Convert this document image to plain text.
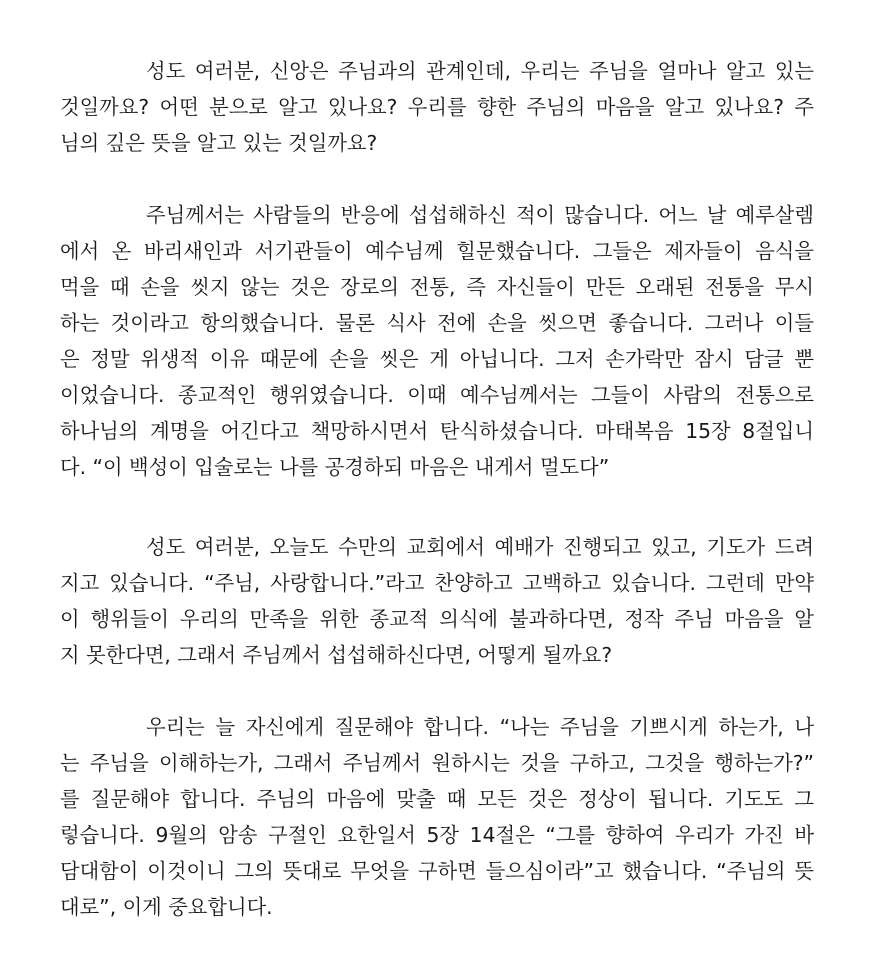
성도 여러분, 신앙은 주님과의 관계인데, 우리는 주님을 얼마나 알고 있는
것일까요? 어떤 분으로 알고 있나요? 우리를 향한 주님의 마음을 알고 있나요? 주
님의 깊은 뜻을 알고 있는 것일까요?
주님께서는 사람들의 반응에 섭섭해하신 적이 많습니다. 어느 날 예루살렘
에서 온 바리새인과 서기관들이 예수님께 힐문했습니다. 그들은 제자들이 음식을
먹을 때 손을 씻지 않는 것은 장로의 전통, 즉 자신들이 만든 오래된 전통을 무시
하는 것이라고 항의했습니다. 물론 식사 전에 손을 씻으면 좋습니다. 그러나 이들
은 정말 위생적 이유 때문에 손을 씻은 게 아닙니다. 그저 손가락만 잠시 담글 뿐
이었습니다. 종교적인 행위였습니다. 이때 예수님께서는 그들이 사람의 전통으로
하나님의 계명을 어긴다고 책망하시면서 탄식하셨습니다. 마태복음 15장 8절입니
다. “이 백성이 입술로는 나를 공경하되 마음은 내게서 멀도다”
성도 여러분, 오늘도 수만의 교회에서 예배가 진행되고 있고, 기도가 드려
지고 있습니다. “주님, 사랑합니다.”라고 찬양하고 고백하고 있습니다. 그런데 만약
이 행위들이 우리의 만족을 위한 종교적 의식에 불과하다면, 정작 주님 마음을 알
지 못한다면, 그래서 주님께서 섭섭해하신다면, 어떻게 될까요?
우리는 늘 자신에게 질문해야 합니다. “나는 주님을 기쁘시게 하는가, 나
는 주님을 이해하는가, 그래서 주님께서 원하시는 것을 구하고, 그것을 행하는가?”
를 질문해야 합니다. 주님의 마음에 맞출 때 모든 것은 정상이 됩니다. 기도도 그
렇습니다. 9월의 암송 구절인 요한일서 5장 14절은 “그를 향하여 우리가 가진 바
담대함이 이것이니 그의 뜻대로 무엇을 구하면 들으심이라”고 했습니다. “주님의 뜻
대로”, 이게 중요합니다.
